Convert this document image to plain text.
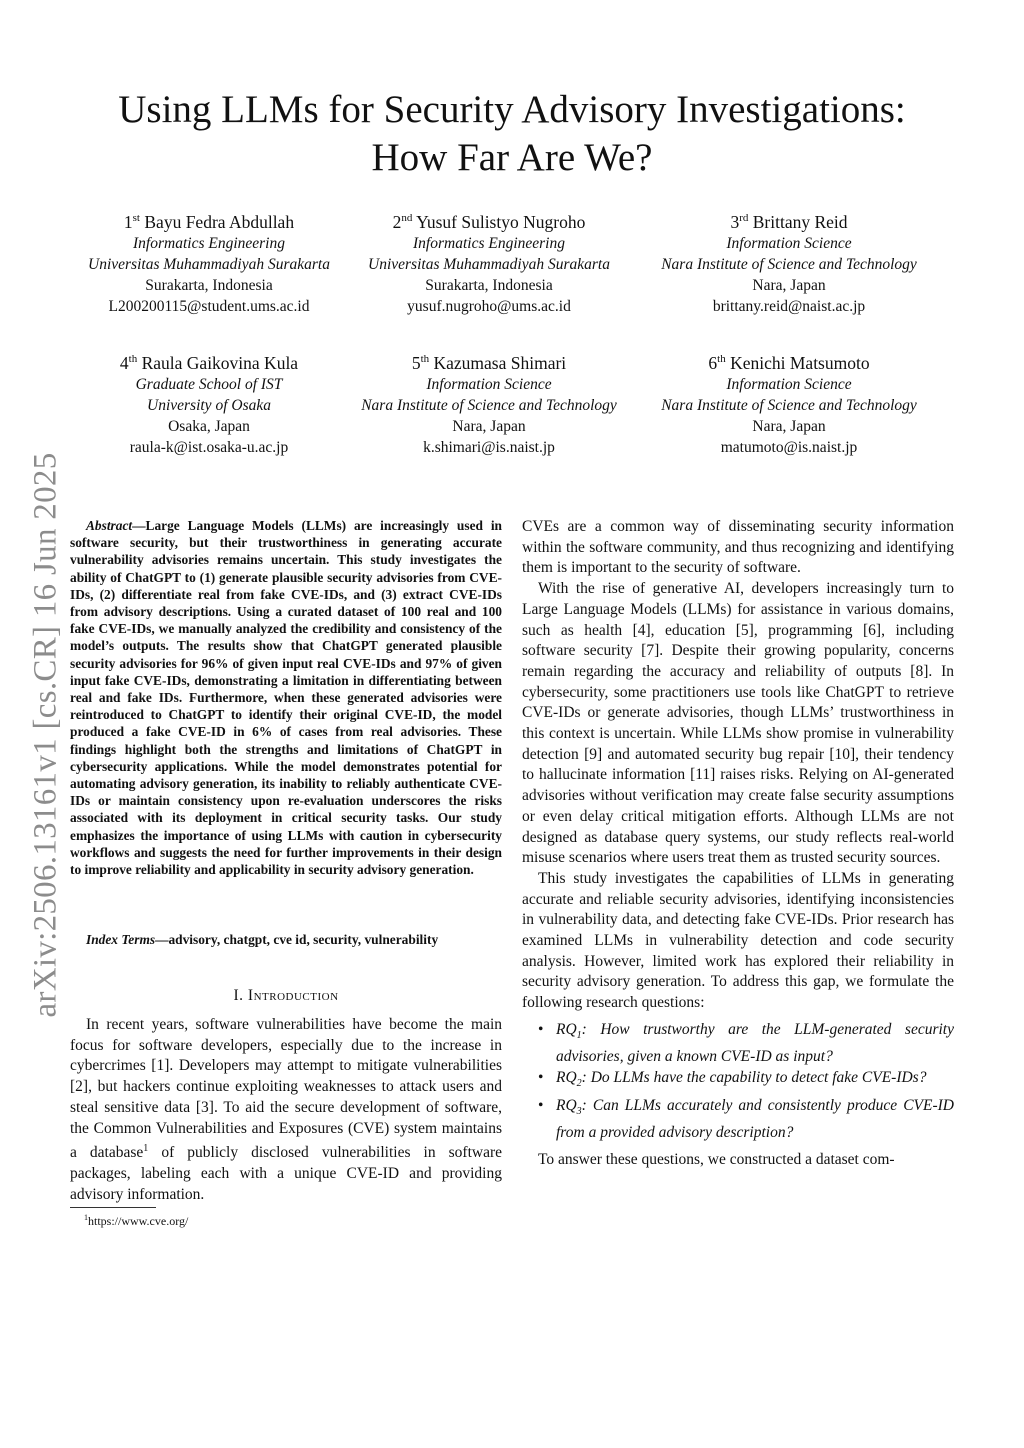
arXiv:2506.13161v1 [cs.CR] 16 Jun 2025
Using LLMs for Security Advisory Investigations:
How Far Are We?
1st Bayu Fedra Abdullah
Informatics Engineering
Universitas Muhammadiyah Surakarta
Surakarta, Indonesia
L200200115@student.ums.ac.id
2nd Yusuf Sulistyo Nugroho
Informatics Engineering
Universitas Muhammadiyah Surakarta
Surakarta, Indonesia
yusuf.nugroho@ums.ac.id
3rd Brittany Reid
Information Science
Nara Institute of Science and Technology
Nara, Japan
brittany.reid@naist.ac.jp
4th Raula Gaikovina Kula
Graduate School of IST
University of Osaka
Osaka, Japan
raula-k@ist.osaka-u.ac.jp
5th Kazumasa Shimari
Information Science
Nara Institute of Science and Technology
Nara, Japan
k.shimari@is.naist.jp
6th Kenichi Matsumoto
Information Science
Nara Institute of Science and Technology
Nara, Japan
matumoto@is.naist.jp

Abstract—Large Language Models (LLMs) are increasingly used in software security, but their trustworthiness in generating accurate vulnerability advisories remains uncertain. This study investigates the ability of ChatGPT to (1) generate plausible security advisories from CVE-IDs, (2) differentiate real from fake CVE-IDs, and (3) extract CVE-IDs from advisory descriptions. Using a curated dataset of 100 real and 100 fake CVE-IDs, we manually analyzed the credibility and consistency of the model’s outputs. The results show that ChatGPT generated plausible security advisories for 96% of given input real CVE-IDs and 97% of given input fake CVE-IDs, demonstrating a limitation in differentiating between real and fake IDs. Furthermore, when these generated advisories were reintroduced to ChatGPT to identify their original CVE-ID, the model produced a fake CVE-ID in 6% of cases from real advisories. These findings highlight both the strengths and limitations of ChatGPT in cybersecurity applications. While the model demonstrates potential for automating advisory generation, its inability to reliably authenticate CVE-IDs or maintain consistency upon re-evaluation underscores the risks associated with its deployment in critical security tasks. Our study emphasizes the importance of using LLMs with caution in cybersecurity workflows and suggests the need for further improvements in their design to improve reliability and applicability in security advisory generation.

Index Terms—advisory, chatgpt, cve id, security, vulnerability
I. Introduction

In recent years, software vulnerabilities have become the main focus for software developers, especially due to the increase in cybercrimes [1]. Developers may attempt to mitigate vulnerabilities [2], but hackers continue exploiting weaknesses to attack users and steal sensitive data [3]. To aid the secure development of software, the Common Vulnerabilities and Exposures (CVE) system maintains a database$^1$ of publicly disclosed vulnerabilities in software packages, labeling each with a unique CVE-ID and providing advisory information.

$^1$https://www.cve.org/

CVEs are a common way of disseminating security information within the software community, and thus recognizing and identifying them is important to the security of software.

With the rise of generative AI, developers increasingly turn to Large Language Models (LLMs) for assistance in various domains, such as health [4], education [5], programming [6], including software security [7]. Despite their growing popularity, concerns remain regarding the accuracy and reliability of outputs [8]. In cybersecurity, some practitioners use tools like ChatGPT to retrieve CVE-IDs or generate advisories, though LLMs’ trustworthiness in this context is uncertain. While LLMs show promise in vulnerability detection [9] and automated security bug repair [10], their tendency to hallucinate information [11] raises risks. Relying on AI-generated advisories without verification may create false security assumptions or even delay critical mitigation efforts. Although LLMs are not designed as database query systems, our study reflects real-world misuse scenarios where users treat them as trusted security sources.

This study investigates the capabilities of LLMs in generating accurate and reliable security advisories, identifying inconsistencies in vulnerability data, and detecting fake CVE-IDs. Prior research has examined LLMs in vulnerability detection and code security analysis. However, limited work has explored their reliability in security advisory generation. To address this gap, we formulate the following research questions:

• $RQ_1$: How trustworthy are the LLM-generated security advisories, given a known CVE-ID as input?
• $RQ_2$: Do LLMs have the capability to detect fake CVE-IDs?
• $RQ_3$: Can LLMs accurately and consistently produce CVE-ID from a provided advisory description?

To answer these questions, we constructed a dataset com-
